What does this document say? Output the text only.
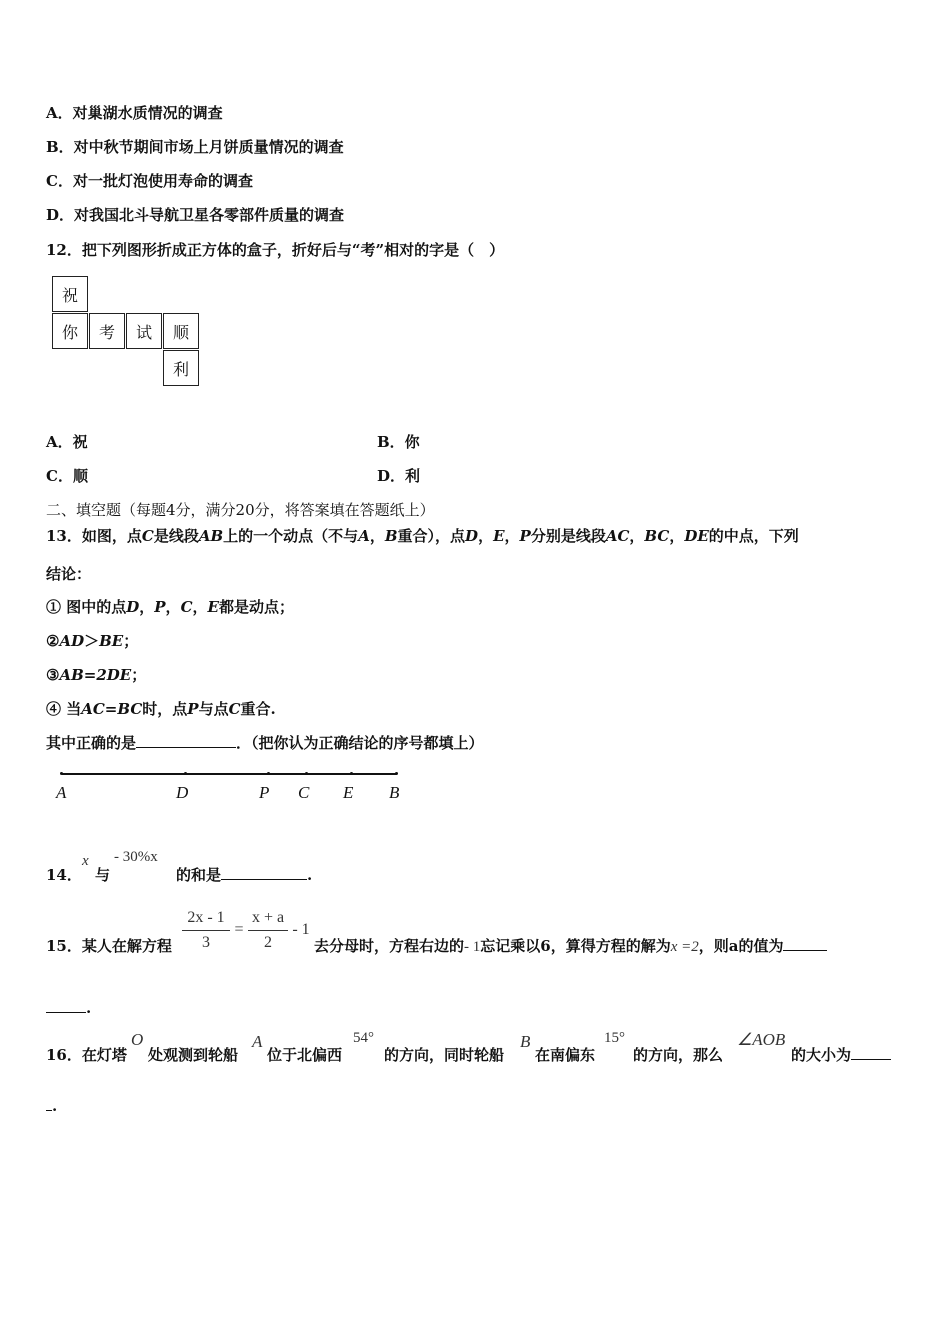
A．对巢湖水质情况的调查
B．对中秋节期间市场上月饼质量情况的调查
C．对一批灯泡使用寿命的调查
D．对我国北斗导航卫星各零部件质量的调查
12．把下列图形折成正方体的盒子，折好后与“考”相对的字是（　）
祝
你	考	试	顺
利
A．祝	B．你
C．顺	D．利
二、填空题（每题4分，满分20分，将答案填在答题纸上）
13．如图，点C是线段AB上的一个动点（不与A，B重合），点D，E，P分别是线段AC，BC，DE的中点，下列
结论：
① 图中的点D，P，C，E都是动点；
②AD＞BE；
③AB=2DE；
④ 当AC=BC时，点P与点C重合.
其中正确的是	．（把你认为正确结论的序号都填上）
A	D	P C E B
14．
x
与
- 30%x
的和是	.
15．某人在解方程
2x - 1
3
=
x + a
2
- 1
去分母时，方程右边的- 1忘记乘以6，算得方程的解为x =2，则a的值为
.
16．在灯塔
O
处观测到轮船
A
位于北偏西
54°
的方向，同时轮船
B
在南偏东
15°
的方向，那么
∠AOB
的大小为
.
